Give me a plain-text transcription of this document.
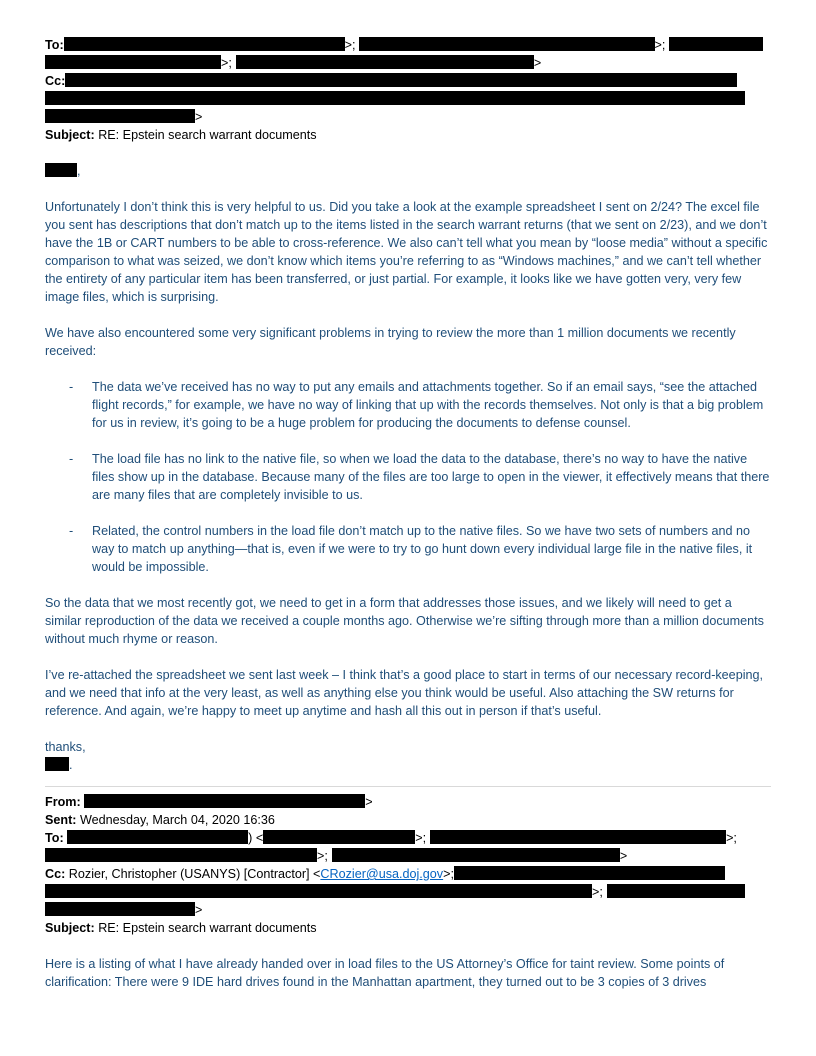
To:	>;	>;
>;	>
Cc:
>
Subject: RE: Epstein search warrant documents
,

Unfortunately I don’t think this is very helpful to us. Did you take a look at the example spreadsheet I sent on 2/24? The excel file you sent has descriptions that don’t match up to the items listed in the search warrant returns (that we sent on 2/23), and we don’t have the 1B or CART numbers to be able to cross-reference. We also can’t tell what you mean by “loose media” without a specific comparison to what was seized, we don’t know which items you’re referring to as “Windows machines,” and we can’t tell whether the entirety of any particular item has been transferred, or just partial. For example, it looks like we have gotten very, very few image files, which is surprising.

We have also encountered some very significant problems in trying to review the more than 1 million documents we recently received:

- The data we’ve received has no way to put any emails and attachments together. So if an email says, “see the attached flight records,” for example, we have no way of linking that up with the records themselves. Not only is that a big problem for us in review, it’s going to be a huge problem for producing the documents to defense counsel.
- The load file has no link to the native file, so when we load the data to the database, there’s no way to have the native files show up in the database. Because many of the files are too large to open in the viewer, it effectively means that there are many files that are completely invisible to us.
- Related, the control numbers in the load file don’t match up to the native files. So we have two sets of numbers and no way to match up anything—that is, even if we were to try to go hunt down every individual large file in the native files, it would be impossible.

So the data that we most recently got, we need to get in a form that addresses those issues, and we likely will need to get a similar reproduction of the data we received a couple months ago. Otherwise we’re sifting through more than a million documents without much rhyme or reason.

I’ve re-attached the spreadsheet we sent last week – I think that’s a good place to start in terms of our necessary record-keeping, and we need that info at the very least, as well as anything else you think would be useful. Also attaching the SW returns for reference. And again, we’re happy to meet up anytime and hash all this out in person if that’s useful.

thanks,
.
From:	>
Sent: Wednesday, March 04, 2020 16:36
To:	) <	>;	>;
>;	>
Cc: Rozier, Christopher (USANYS) [Contractor] <CRozier@usa.doj.gov>;
>;
>
Subject: RE: Epstein search warrant documents

Here is a listing of what I have already handed over in load files to the US Attorney’s Office for taint review. Some points of clarification: There were 9 IDE hard drives found in the Manhattan apartment, they turned out to be 3 copies of 3 drives
